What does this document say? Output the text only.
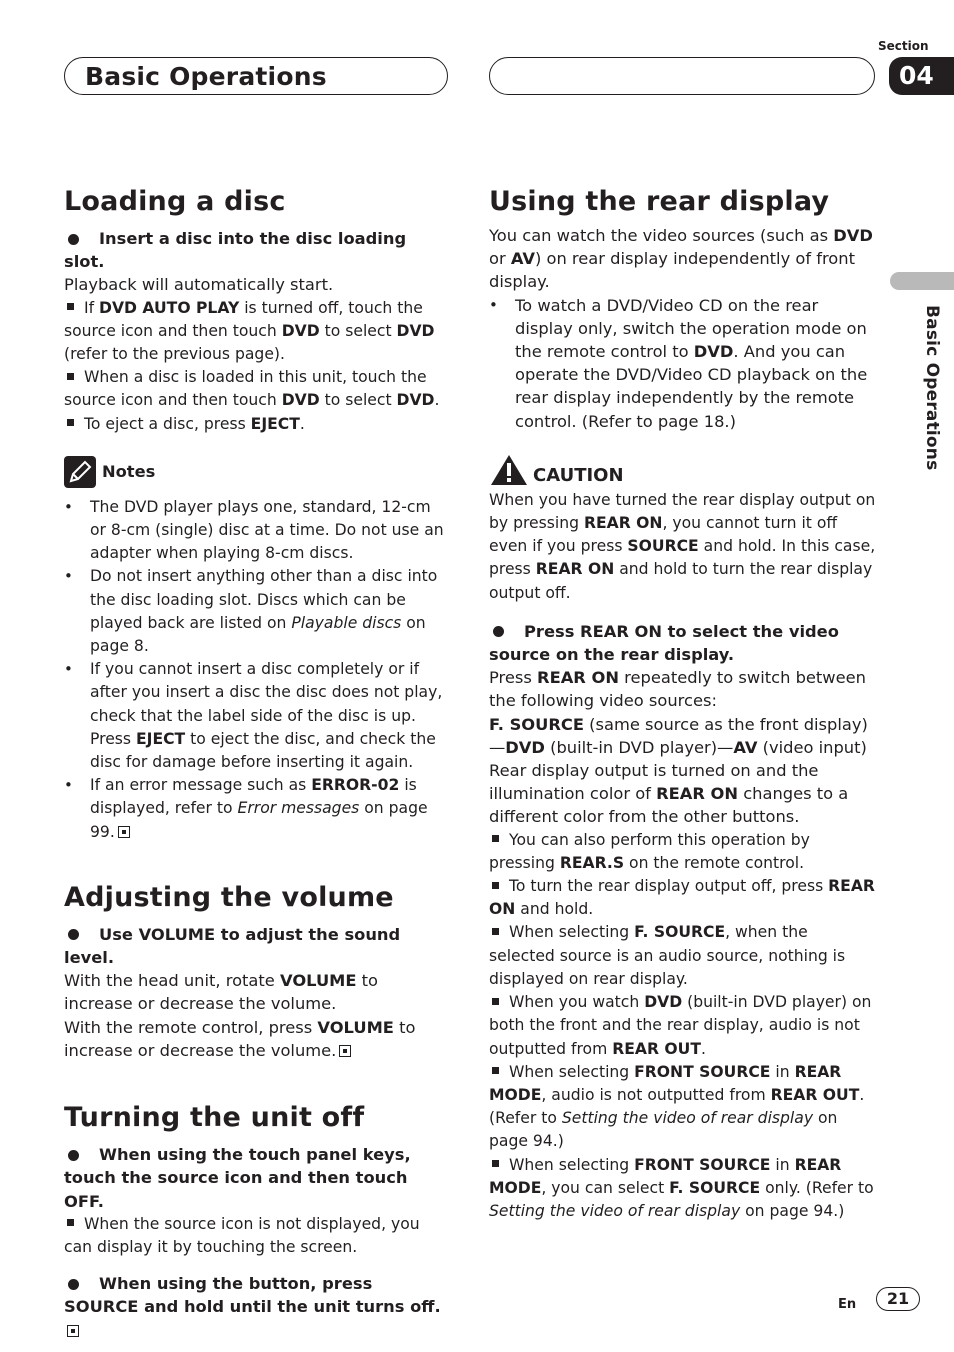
Basic Operations
Section
04
Basic Operations
Loading a disc

Insert a disc into the disc loading slot.

Playback will automatically start.

If DVD AUTO PLAY is turned off, touch the source icon and then touch DVD to select DVD (refer to the previous page).

When a disc is loaded in this unit, touch the source icon and then touch DVD to select DVD.

To eject a disc, press EJECT.

Notes

• The DVD player plays one, standard, 12-cm or 8-cm (single) disc at a time. Do not use an adapter when playing 8-cm discs.

• Do not insert anything other than a disc into the disc loading slot. Discs which can be played back are listed on Playable discs on page 8.

• If you cannot insert a disc completely or if after you insert a disc the disc does not play, check that the label side of the disc is up. Press EJECT to eject the disc, and check the disc for damage before inserting it again.

• If an error message such as ERROR-02 is displayed, refer to Error messages on page 99.

Adjusting the volume

Use VOLUME to adjust the sound level.

With the head unit, rotate VOLUME to increase or decrease the volume.

With the remote control, press VOLUME to increase or decrease the volume.

Turning the unit off

When using the touch panel keys, touch the source icon and then touch OFF.

When the source icon is not displayed, you can display it by touching the screen.

When using the button, press SOURCE and hold until the unit turns off.

Using the rear display

You can watch the video sources (such as DVD or AV) on rear display independently of front display.

• To watch a DVD/Video CD on the rear display only, switch the operation mode on the remote control to DVD. And you can operate the DVD/Video CD playback on the rear display independently by the remote control. (Refer to page 18.)

CAUTION

When you have turned the rear display output on by pressing REAR ON, you cannot turn it off even if you press SOURCE and hold. In this case, press REAR ON and hold to turn the rear display output off.

Press REAR ON to select the video source on the rear display.

Press REAR ON repeatedly to switch between the following video sources:

F. SOURCE (same source as the front display)
—DVD (built-in DVD player)—AV (video input)

Rear display output is turned on and the illumination color of REAR ON changes to a different color from the other buttons.

You can also perform this operation by pressing REAR.S on the remote control.

To turn the rear display output off, press REAR ON and hold.

When selecting F. SOURCE, when the selected source is an audio source, nothing is displayed on rear display.

When you watch DVD (built-in DVD player) on both the front and the rear display, audio is not outputted from REAR OUT.

When selecting FRONT SOURCE in REAR MODE, audio is not outputted from REAR OUT. (Refer to Setting the video of rear display on page 94.)

When selecting FRONT SOURCE in REAR MODE, you can select F. SOURCE only. (Refer to Setting the video of rear display on page 94.)

En	21
